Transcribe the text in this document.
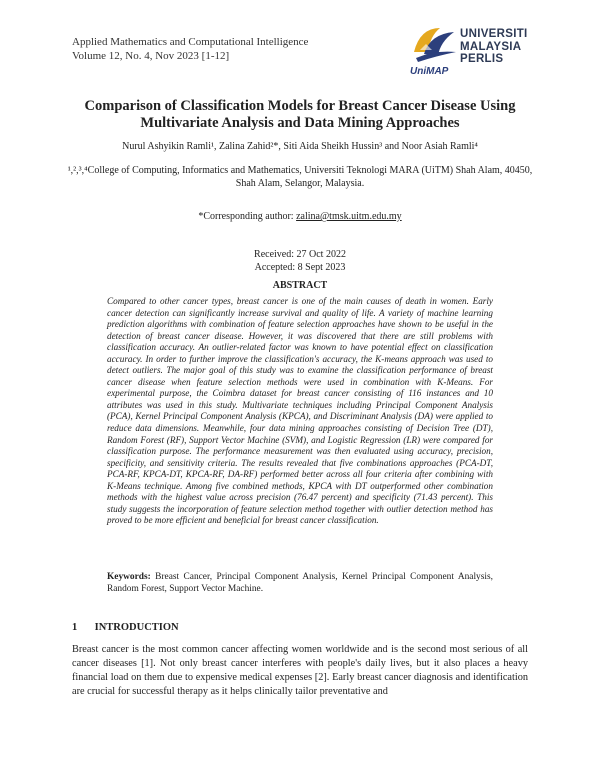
Applied Mathematics and Computational Intelligence
Volume 12, No. 4, Nov 2023 [1-12]
UNIVERSITI
MALAYSIA
PERLIS
UniMAP
Comparison of Classification Models for Breast Cancer Disease Using Multivariate Analysis and Data Mining Approaches
Nurul Ashyikin Ramli¹, Zalina Zahid²*, Siti Aida Sheikh Hussin³ and Noor Asiah Ramli⁴
¹,²,³,⁴College of Computing, Informatics and Mathematics, Universiti Teknologi MARA (UiTM) Shah Alam, 40450, Shah Alam, Selangor, Malaysia.
*Corresponding author: zalina@tmsk.uitm.edu.my
Received: 27 Oct 2022
Accepted: 8 Sept 2023
ABSTRACT
Compared to other cancer types, breast cancer is one of the main causes of death in women. Early cancer detection can significantly increase survival and quality of life. A variety of machine learning prediction algorithms with combination of feature selection approaches have shown to be useful in the detection of breast cancer disease. However, it was discovered that there are still problems with classification accuracy. An outlier-related factor was known to have potential effect on classification accuracy. In order to further improve the classification's accuracy, the K-means approach was used to detect outliers. The major goal of this study was to examine the classification performance of breast cancer disease when feature selection methods were used in combination with K-Means. For experimental purpose, the Coimbra dataset for breast cancer consisting of 116 instances and 10 attributes was used in this study. Multivariate techniques including Principal Component Analysis (PCA), Kernel Principal Component Analysis (KPCA), and Discriminant Analysis (DA) were applied to reduce data dimensions. Meanwhile, four data mining approaches consisting of Decision Tree (DT), Random Forest (RF), Support Vector Machine (SVM), and Logistic Regression (LR) were compared for classification purpose. The performance measurement was then evaluated using accuracy, precision, specificity, and sensitivity criteria. The results revealed that five combinations approaches (PCA-DT, PCA-RF, KPCA-DT, KPCA-RF, DA-RF) performed better across all four criteria after combining with K-Means technique. Among five combined methods, KPCA with DT outperformed other combination methods with the highest value across precision (76.47 percent) and specificity (71.43 percent). This study suggests the incorporation of feature selection method together with outlier detection method has proved to be more efficient and beneficial for breast cancer classification.
Keywords: Breast Cancer, Principal Component Analysis, Kernel Principal Component Analysis, Random Forest, Support Vector Machine.
1 INTRODUCTION
Breast cancer is the most common cancer affecting women worldwide and is the second most serious of all cancer diseases [1]. Not only breast cancer interferes with people's daily lives, but it also places a heavy financial load on them due to expensive medical expenses [2]. Early breast cancer diagnosis and identification are crucial for successful therapy as it helps clinically tailor preventative and
